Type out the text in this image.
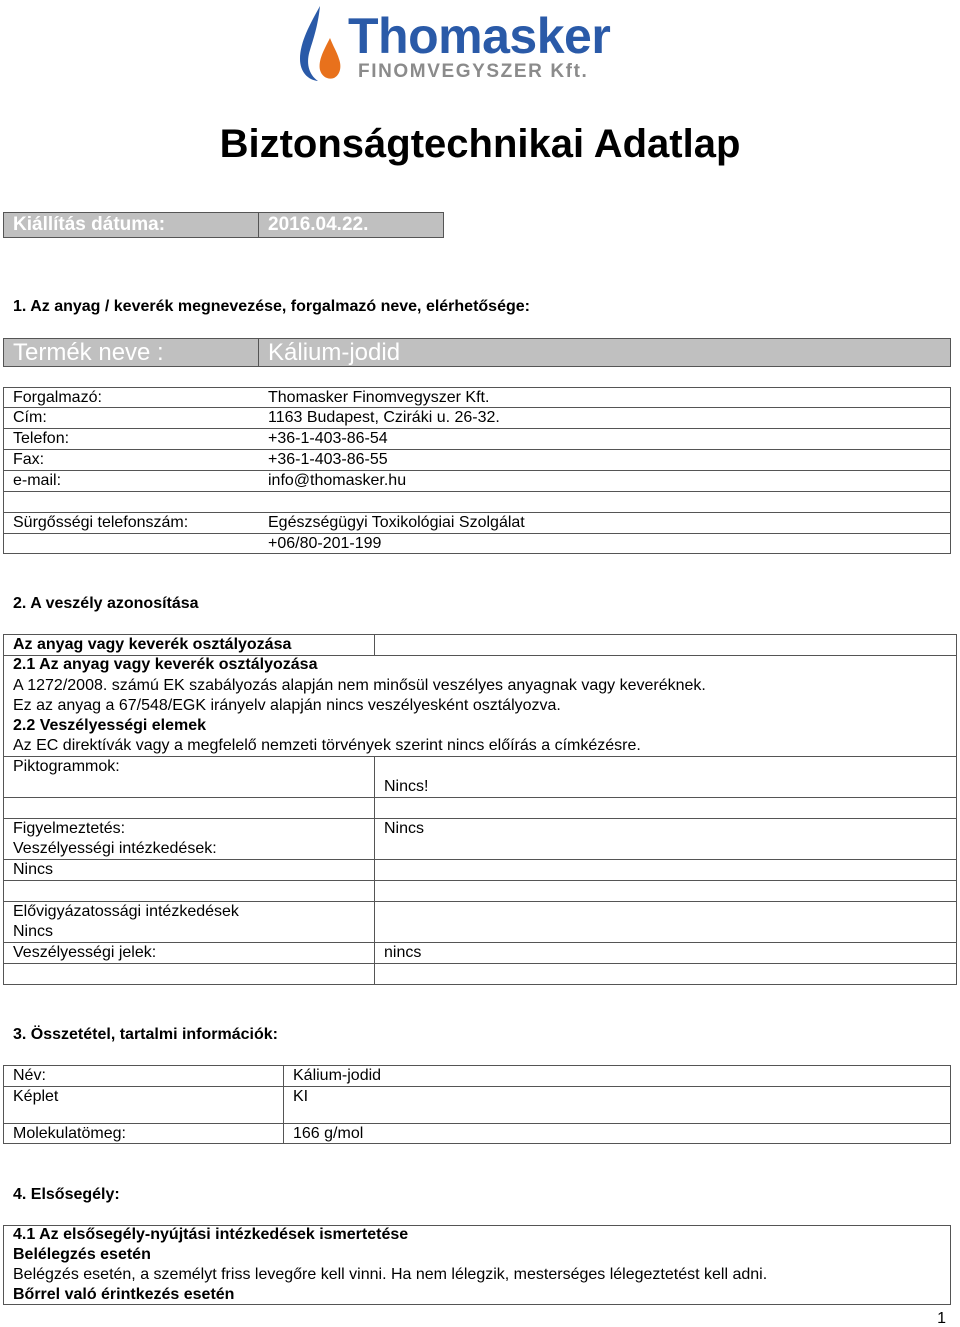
Thomasker
FINOMVEGYSZER Kft.
Biztonságtechnikai Adatlap
Kiállítás dátuma:	2016.04.22.
1. Az anyag / keverék megnevezése, forgalmazó neve, elérhetősége:
Termék neve :	Kálium-jodid
Forgalmazó:	Thomasker Finomvegyszer Kft.
Cím:	1163 Budapest, Cziráki u. 26-32.
Telefon:	+36-1-403-86-54
Fax:	+36-1-403-86-55
e-mail:	info@thomasker.hu
Sürgősségi telefonszám:	Egészségügyi Toxikológiai Szolgálat
+06/80-201-199
2. A veszély azonosítása
Az anyag vagy keverék osztályozása
2.1 Az anyag vagy keverék osztályozása
A 1272/2008. számú EK szabályozás alapján nem minősül veszélyes anyagnak vagy keveréknek.
Ez az anyag a 67/548/EGK irányelv alapján nincs veszélyesként osztályozva.
2.2 Veszélyességi elemek
Az EC direktívák vagy a megfelelő nemzeti törvények szerint nincs előírás a címkézésre.
Piktogrammok:
Nincs!
Figyelmeztetés:	Nincs
Veszélyességi intézkedések:
Nincs
Elővigyázatossági intézkedések
Nincs
Veszélyességi jelek:	nincs
3. Összetétel, tartalmi információk:
Név:	Kálium-jodid
Képlet	KI
Molekulatömeg:	166 g/mol
4. Elsősegély:
4.1 Az elsősegély-nyújtási intézkedések ismertetése
Belélegzés esetén
Belégzés esetén, a személyt friss levegőre kell vinni. Ha nem lélegzik, mesterséges lélegeztetést kell adni.
Bőrrel való érintkezés esetén
1
